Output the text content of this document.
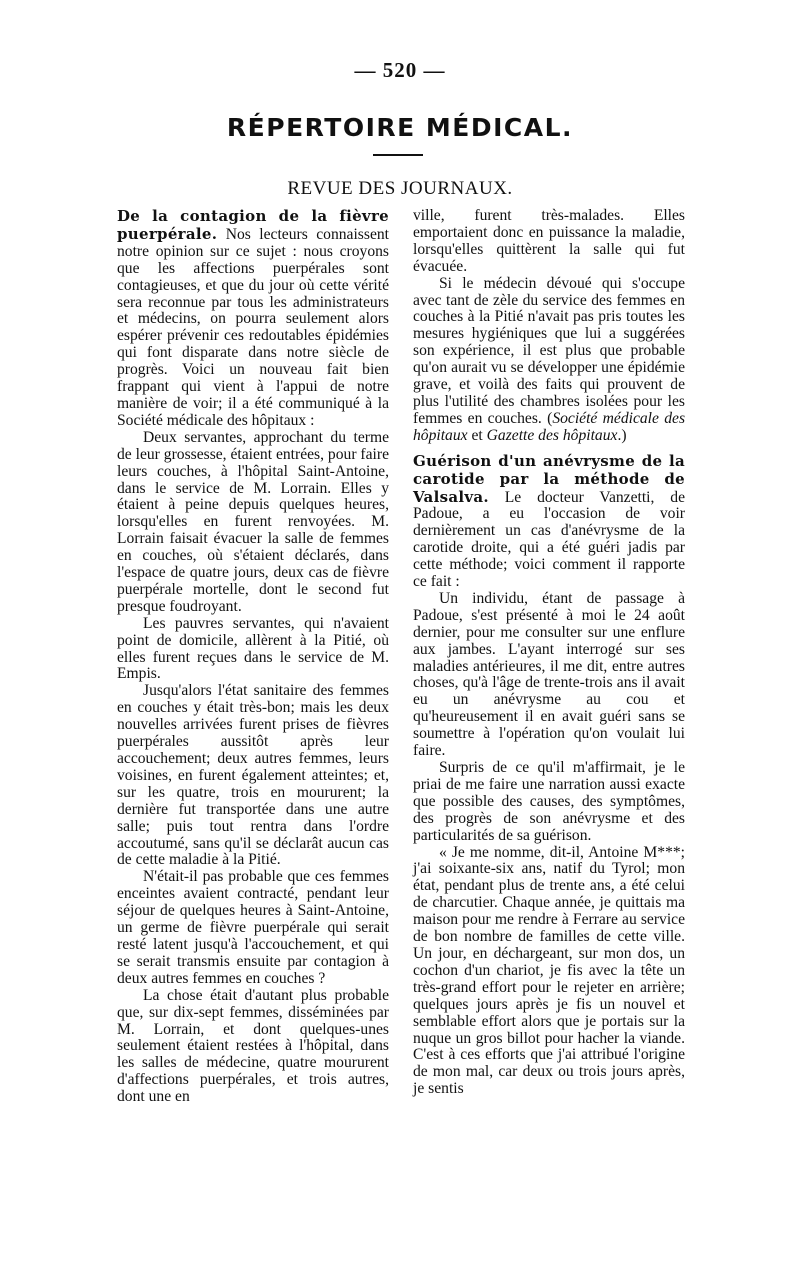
— 520 —
RÉPERTOIRE MÉDICAL.
REVUE DES JOURNAUX.

De la contagion de la fièvre puerpérale. Nos lecteurs connaissent notre opinion sur ce sujet : nous croyons que les affections puerpérales sont contagieuses, et que du jour où cette vérité sera reconnue par tous les administrateurs et médecins, on pourra seulement alors espérer prévenir ces redoutables épidémies qui font disparate dans notre siècle de progrès. Voici un nouveau fait bien frappant qui vient à l'appui de notre manière de voir; il a été communiqué à la Société médicale des hôpitaux :

Deux servantes, approchant du terme de leur grossesse, étaient entrées, pour faire leurs couches, à l'hôpital Saint-Antoine, dans le service de M. Lorrain. Elles y étaient à peine depuis quelques heures, lorsqu'elles en furent renvoyées. M. Lorrain faisait évacuer la salle de femmes en couches, où s'étaient déclarés, dans l'espace de quatre jours, deux cas de fièvre puerpérale mortelle, dont le second fut presque foudroyant.

Les pauvres servantes, qui n'avaient point de domicile, allèrent à la Pitié, où elles furent reçues dans le service de M. Empis.

Jusqu'alors l'état sanitaire des femmes en couches y était très-bon; mais les deux nouvelles arrivées furent prises de fièvres puerpérales aussitôt après leur accouchement; deux autres femmes, leurs voisines, en furent également atteintes; et, sur les quatre, trois en moururent; la dernière fut transportée dans une autre salle; puis tout rentra dans l'ordre accoutumé, sans qu'il se déclarât aucun cas de cette maladie à la Pitié.

N'était-il pas probable que ces femmes enceintes avaient contracté, pendant leur séjour de quelques heures à Saint-Antoine, un germe de fièvre puerpérale qui serait resté latent jusqu'à l'accouchement, et qui se serait transmis ensuite par contagion à deux autres femmes en couches ?

La chose était d'autant plus probable que, sur dix-sept femmes, disséminées par M. Lorrain, et dont quelques-unes seulement étaient restées à l'hôpital, dans les salles de médecine, quatre moururent d'affections puerpérales, et trois autres, dont une en

ville, furent très-malades. Elles emportaient donc en puissance la maladie, lorsqu'elles quittèrent la salle qui fut évacuée.

Si le médecin dévoué qui s'occupe avec tant de zèle du service des femmes en couches à la Pitié n'avait pas pris toutes les mesures hygiéniques que lui a suggérées son expérience, il est plus que probable qu'on aurait vu se développer une épidémie grave, et voilà des faits qui prouvent de plus l'utilité des chambres isolées pour les femmes en couches. (Société médicale des hôpitaux et Gazette des hôpitaux.)

Guérison d'un anévrysme de la carotide par la méthode de Valsalva. Le docteur Vanzetti, de Padoue, a eu l'occasion de voir dernièrement un cas d'anévrysme de la carotide droite, qui a été guéri jadis par cette méthode; voici comment il rapporte ce fait :

Un individu, étant de passage à Padoue, s'est présenté à moi le 24 août dernier, pour me consulter sur une enflure aux jambes. L'ayant interrogé sur ses maladies antérieures, il me dit, entre autres choses, qu'à l'âge de trente-trois ans il avait eu un anévrysme au cou et qu'heureusement il en avait guéri sans se soumettre à l'opération qu'on voulait lui faire.

Surpris de ce qu'il m'affirmait, je le priai de me faire une narration aussi exacte que possible des causes, des symptômes, des progrès de son anévrysme et des particularités de sa guérison.

« Je me nomme, dit-il, Antoine M***; j'ai soixante-six ans, natif du Tyrol; mon état, pendant plus de trente ans, a été celui de charcutier. Chaque année, je quittais ma maison pour me rendre à Ferrare au service de bon nombre de familles de cette ville. Un jour, en déchargeant, sur mon dos, un cochon d'un chariot, je fis avec la tête un très-grand effort pour le rejeter en arrière; quelques jours après je fis un nouvel et semblable effort alors que je portais sur la nuque un gros billot pour hacher la viande. C'est à ces efforts que j'ai attribué l'origine de mon mal, car deux ou trois jours après, je sentis
